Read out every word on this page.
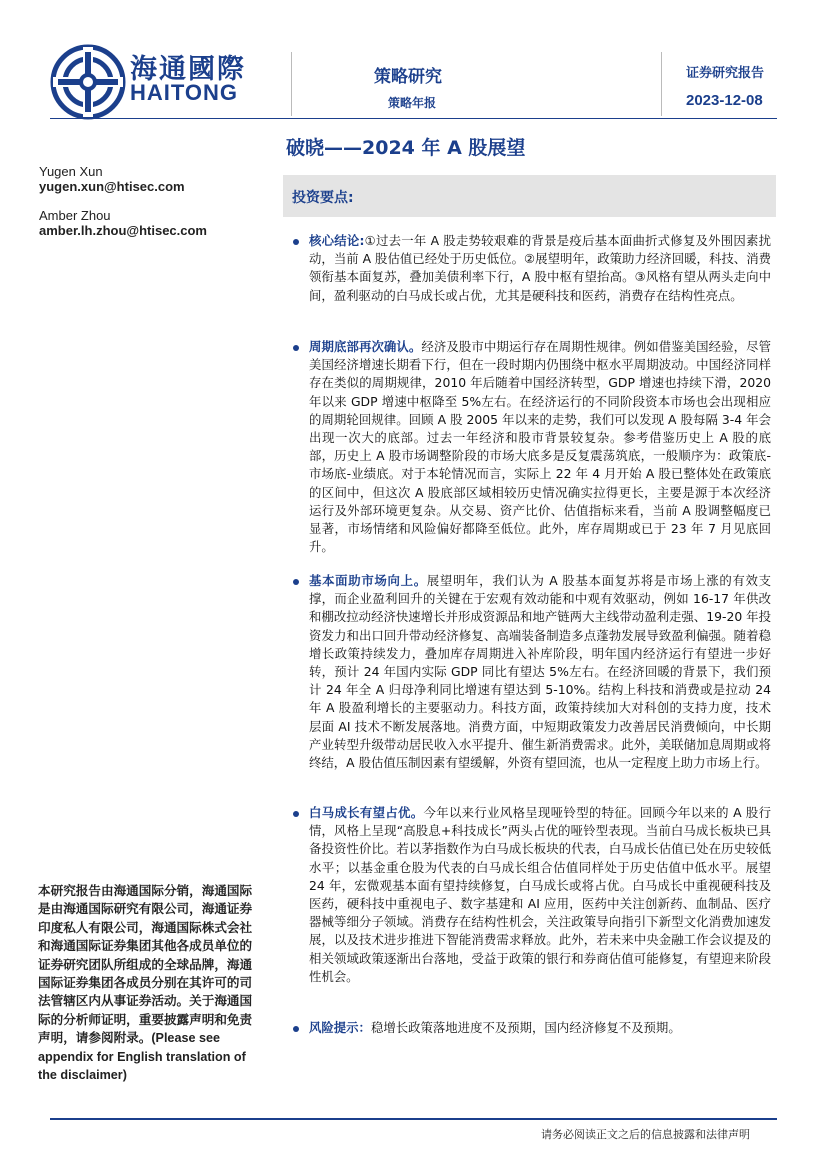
海通國際
HAITONG
策略研究
策略年报
证券研究报告
2023-12-08
破晓——2024 年 A 股展望
Yugen Xun
yugen.xun@htisec.com
Amber Zhou
amber.lh.zhou@htisec.com
投资要点:
核心结论:①过去一年 A 股走势较艰难的背景是疫后基本面曲折式修复及外围因素扰动，当前 A 股估值已经处于历史低位。②展望明年，政策助力经济回暖，科技、消费领衔基本面复苏，叠加美债利率下行，A 股中枢有望抬高。③风格有望从两头走向中间，盈利驱动的白马成长或占优，尤其是硬科技和医药，消费存在结构性亮点。
周期底部再次确认。经济及股市中期运行存在周期性规律。例如借鉴美国经验，尽管美国经济增速长期看下行，但在一段时期内仍围绕中枢水平周期波动。中国经济同样存在类似的周期规律，2010 年后随着中国经济转型，GDP 增速也持续下滑，2020 年以来 GDP 增速中枢降至 5%左右。在经济运行的不同阶段资本市场也会出现相应的周期轮回规律。回顾 A 股 2005 年以来的走势，我们可以发现 A 股每隔 3-4 年会出现一次大的底部。过去一年经济和股市背景较复杂。参考借鉴历史上 A 股的底部，历史上 A 股市场调整阶段的市场大底多是反复震荡筑底，一般顺序为：政策底-市场底-业绩底。对于本轮情况而言，实际上 22 年 4 月开始 A 股已整体处在政策底的区间中，但这次 A 股底部区域相较历史情况确实拉得更长，主要是源于本次经济运行及外部环境更复杂。从交易、资产比价、估值指标来看，当前 A 股调整幅度已显著，市场情绪和风险偏好都降至低位。此外，库存周期或已于 23 年 7 月见底回升。
基本面助市场向上。展望明年，我们认为 A 股基本面复苏将是市场上涨的有效支撑，而企业盈利回升的关键在于宏观有效动能和中观有效驱动，例如 16-17 年供改和棚改拉动经济快速增长并形成资源品和地产链两大主线带动盈利走强、19-20 年投资发力和出口回升带动经济修复、高端装备制造多点蓬勃发展导致盈利偏强。随着稳增长政策持续发力，叠加库存周期进入补库阶段，明年国内经济运行有望进一步好转，预计 24 年国内实际 GDP 同比有望达 5%左右。在经济回暖的背景下，我们预计 24 年全 A 归母净利同比增速有望达到 5-10%。结构上科技和消费或是拉动 24 年 A 股盈利增长的主要驱动力。科技方面，政策持续加大对科创的支持力度，技术层面 AI 技术不断发展落地。消费方面，中短期政策发力改善居民消费倾向，中长期产业转型升级带动居民收入水平提升、催生新消费需求。此外，美联储加息周期或将终结，A 股估值压制因素有望缓解，外资有望回流，也从一定程度上助力市场上行。
白马成长有望占优。今年以来行业风格呈现哑铃型的特征。回顾今年以来的 A 股行情，风格上呈现“高股息+科技成长”两头占优的哑铃型表现。当前白马成长板块已具备投资性价比。若以茅指数作为白马成长板块的代表，白马成长估值已处在历史较低水平；以基金重仓股为代表的白马成长组合估值同样处于历史估值中低水平。展望 24 年，宏微观基本面有望持续修复，白马成长或将占优。白马成长中重视硬科技及医药，硬科技中重视电子、数字基建和 AI 应用，医药中关注创新药、血制品、医疗器械等细分子领域。消费存在结构性机会，关注政策导向指引下新型文化消费加速发展，以及技术进步推进下智能消费需求释放。此外，若未来中央金融工作会议提及的相关领域政策逐渐出台落地，受益于政策的银行和券商估值可能修复，有望迎来阶段性机会。
风险提示：稳增长政策落地进度不及预期，国内经济修复不及预期。
本研究报告由海通国际分销，海通国际是由海通国际研究有限公司，海通证券印度私人有限公司，海通国际株式会社和海通国际证券集团其他各成员单位的证券研究团队所组成的全球品牌，海通国际证券集团各成员分别在其许可的司法管辖区内从事证券活动。关于海通国际的分析师证明，重要披露声明和免责声明，请参阅附录。(Please see appendix for English translation of the disclaimer)
请务必阅读正文之后的信息披露和法律声明
